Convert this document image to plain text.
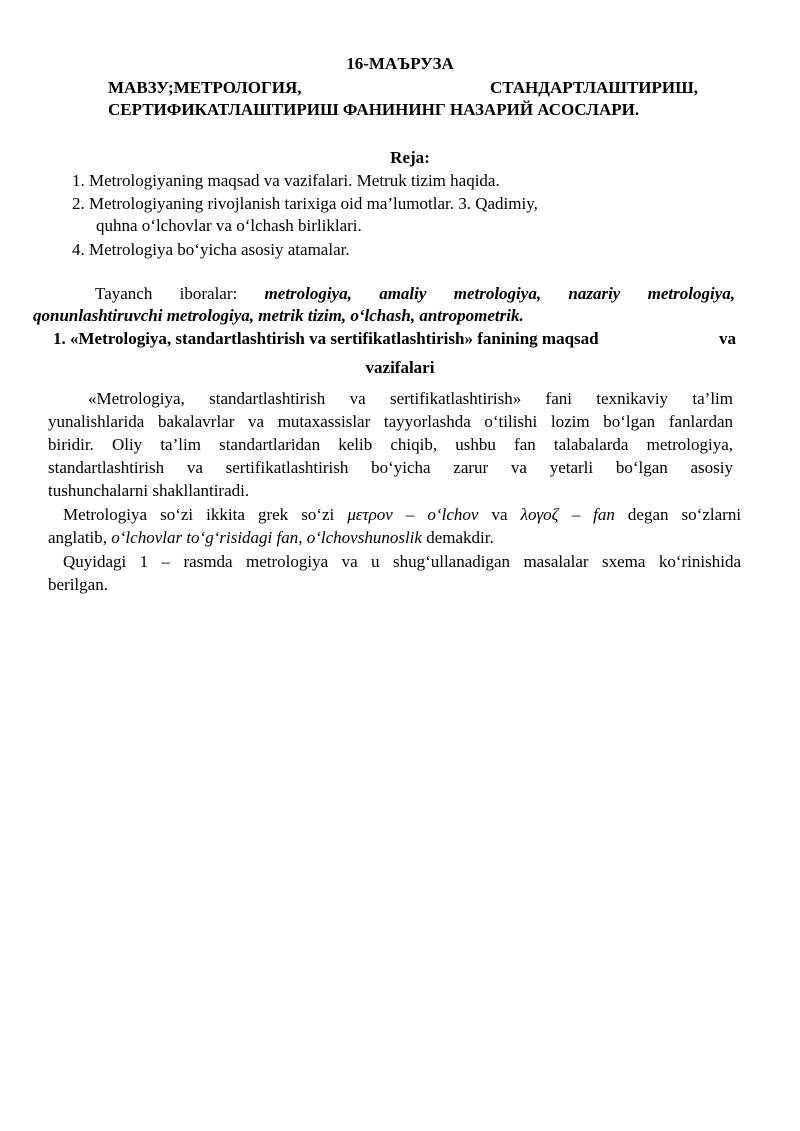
16-МАЪРУЗА
МАВЗУ;МЕТРОЛОГИЯ,	СТАНДАРТЛАШТИРИШ,
СЕРТИФИКАТЛАШТИРИШ ФАНИНИНГ НАЗАРИЙ АСОСЛАРИ.
Reja:
1. Metrologiyaning maqsad va vazifalari. Metruk tizim haqida.
2. Metrologiyaning rivojlanish tarixiga oid ma’lumotlar. 3. Qadimiy,
quhna o‘lchovlar va o‘lchash birliklari.
4. Metrologiya bo‘yicha asosiy atamalar.
Tayanch iboralar: metrologiya, amaliy metrologiya, nazariy metrologiya,
qonunlashtiruvchi metrologiya, metrik tizim, o‘lchash, antropometrik.
1. «Metrologiya, standartlashtirish va sertifikatlashtirish» fanining maqsad	va
vazifalari
«Metrologiya, standartlashtirish va sertifikatlashtirish» fani texnikaviy ta’lim
yunalishlarida bakalavrlar va mutaxassislar tayyorlashda o‘tilishi lozim bo‘lgan fanlardan
biridir. Oliy ta’lim standartlaridan kelib chiqib, ushbu fan talabalarda metrologiya,
standartlashtirish va sertifikatlashtirish bo‘yicha zarur va yetarli bo‘lgan asosiy
tushunchalarni shakllantiradi.
Metrologiya so‘zi ikkita grek so‘zi μετρον – o‘lchov va λογοζ – fan degan so‘zlarni
anglatib, o‘lchovlar to‘g‘risidagi fan, o‘lchovshunoslik demakdir.
Quyidagi 1 – rasmda metrologiya va u shug‘ullanadigan masalalar sxema ko‘rinishida
berilgan.
